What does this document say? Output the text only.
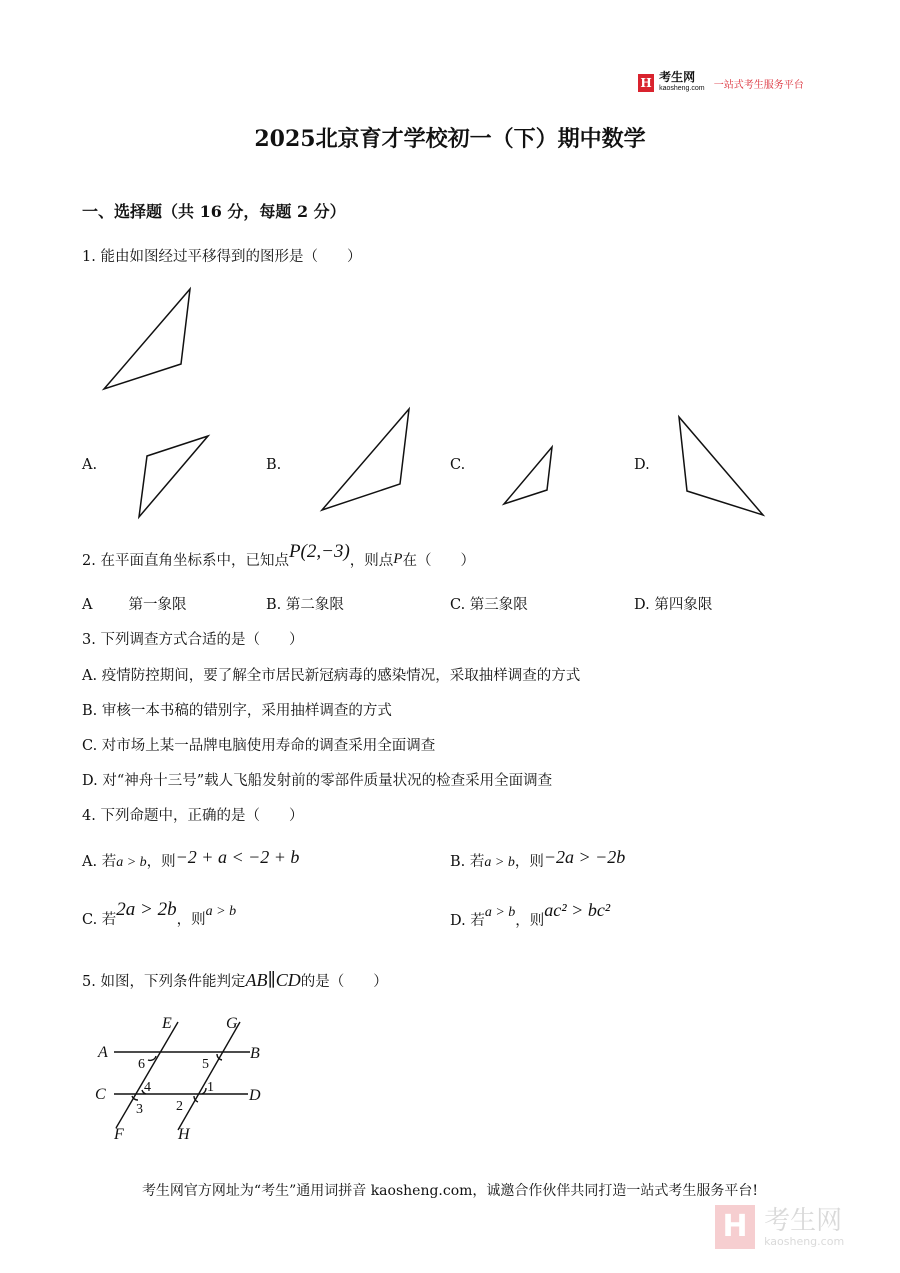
H 考生网
kaosheng.com 一站式考生服务平台
2025北京育才学校初一（下）期中数学
一、选择题（共 16 分，每题 2 分）
1. 能由如图经过平移得到的图形是（　　）
A.	B.	C.	D.
2. 在平面直角坐标系中，已知点P(2,−3)，则点P在（　　）
A 第一象限	B. 第二象限	C. 第三象限	D. 第四象限
3. 下列调查方式合适的是（　　）
A. 疫情防控期间，要了解全市居民新冠病毒的感染情况，采取抽样调查的方式
B. 审核一本书稿的错别字，采用抽样调查的方式
C. 对市场上某一品牌电脑使用寿命的调查采用全面调查
D. 对“神舟十三号”载人飞船发射前的零部件质量状况的检查采用全面调查
4. 下列命题中，正确的是（　　）
A. 若a > b，则−2 + a < −2 + b	B. 若a > b，则−2a > −2b
C. 若2a > 2b，则a > b
D. 若a > b，则ac² > bc²
5. 如图，下列条件能判定AB∥CD的是（　　）
E	G
A	B
C	D
F	H
6	5
4
3
1
2
考生网官方网址为“考生”通用词拼音 kaosheng.com，诚邀合作伙伴共同打造一站式考生服务平台!
H 考生网
kaosheng.com
